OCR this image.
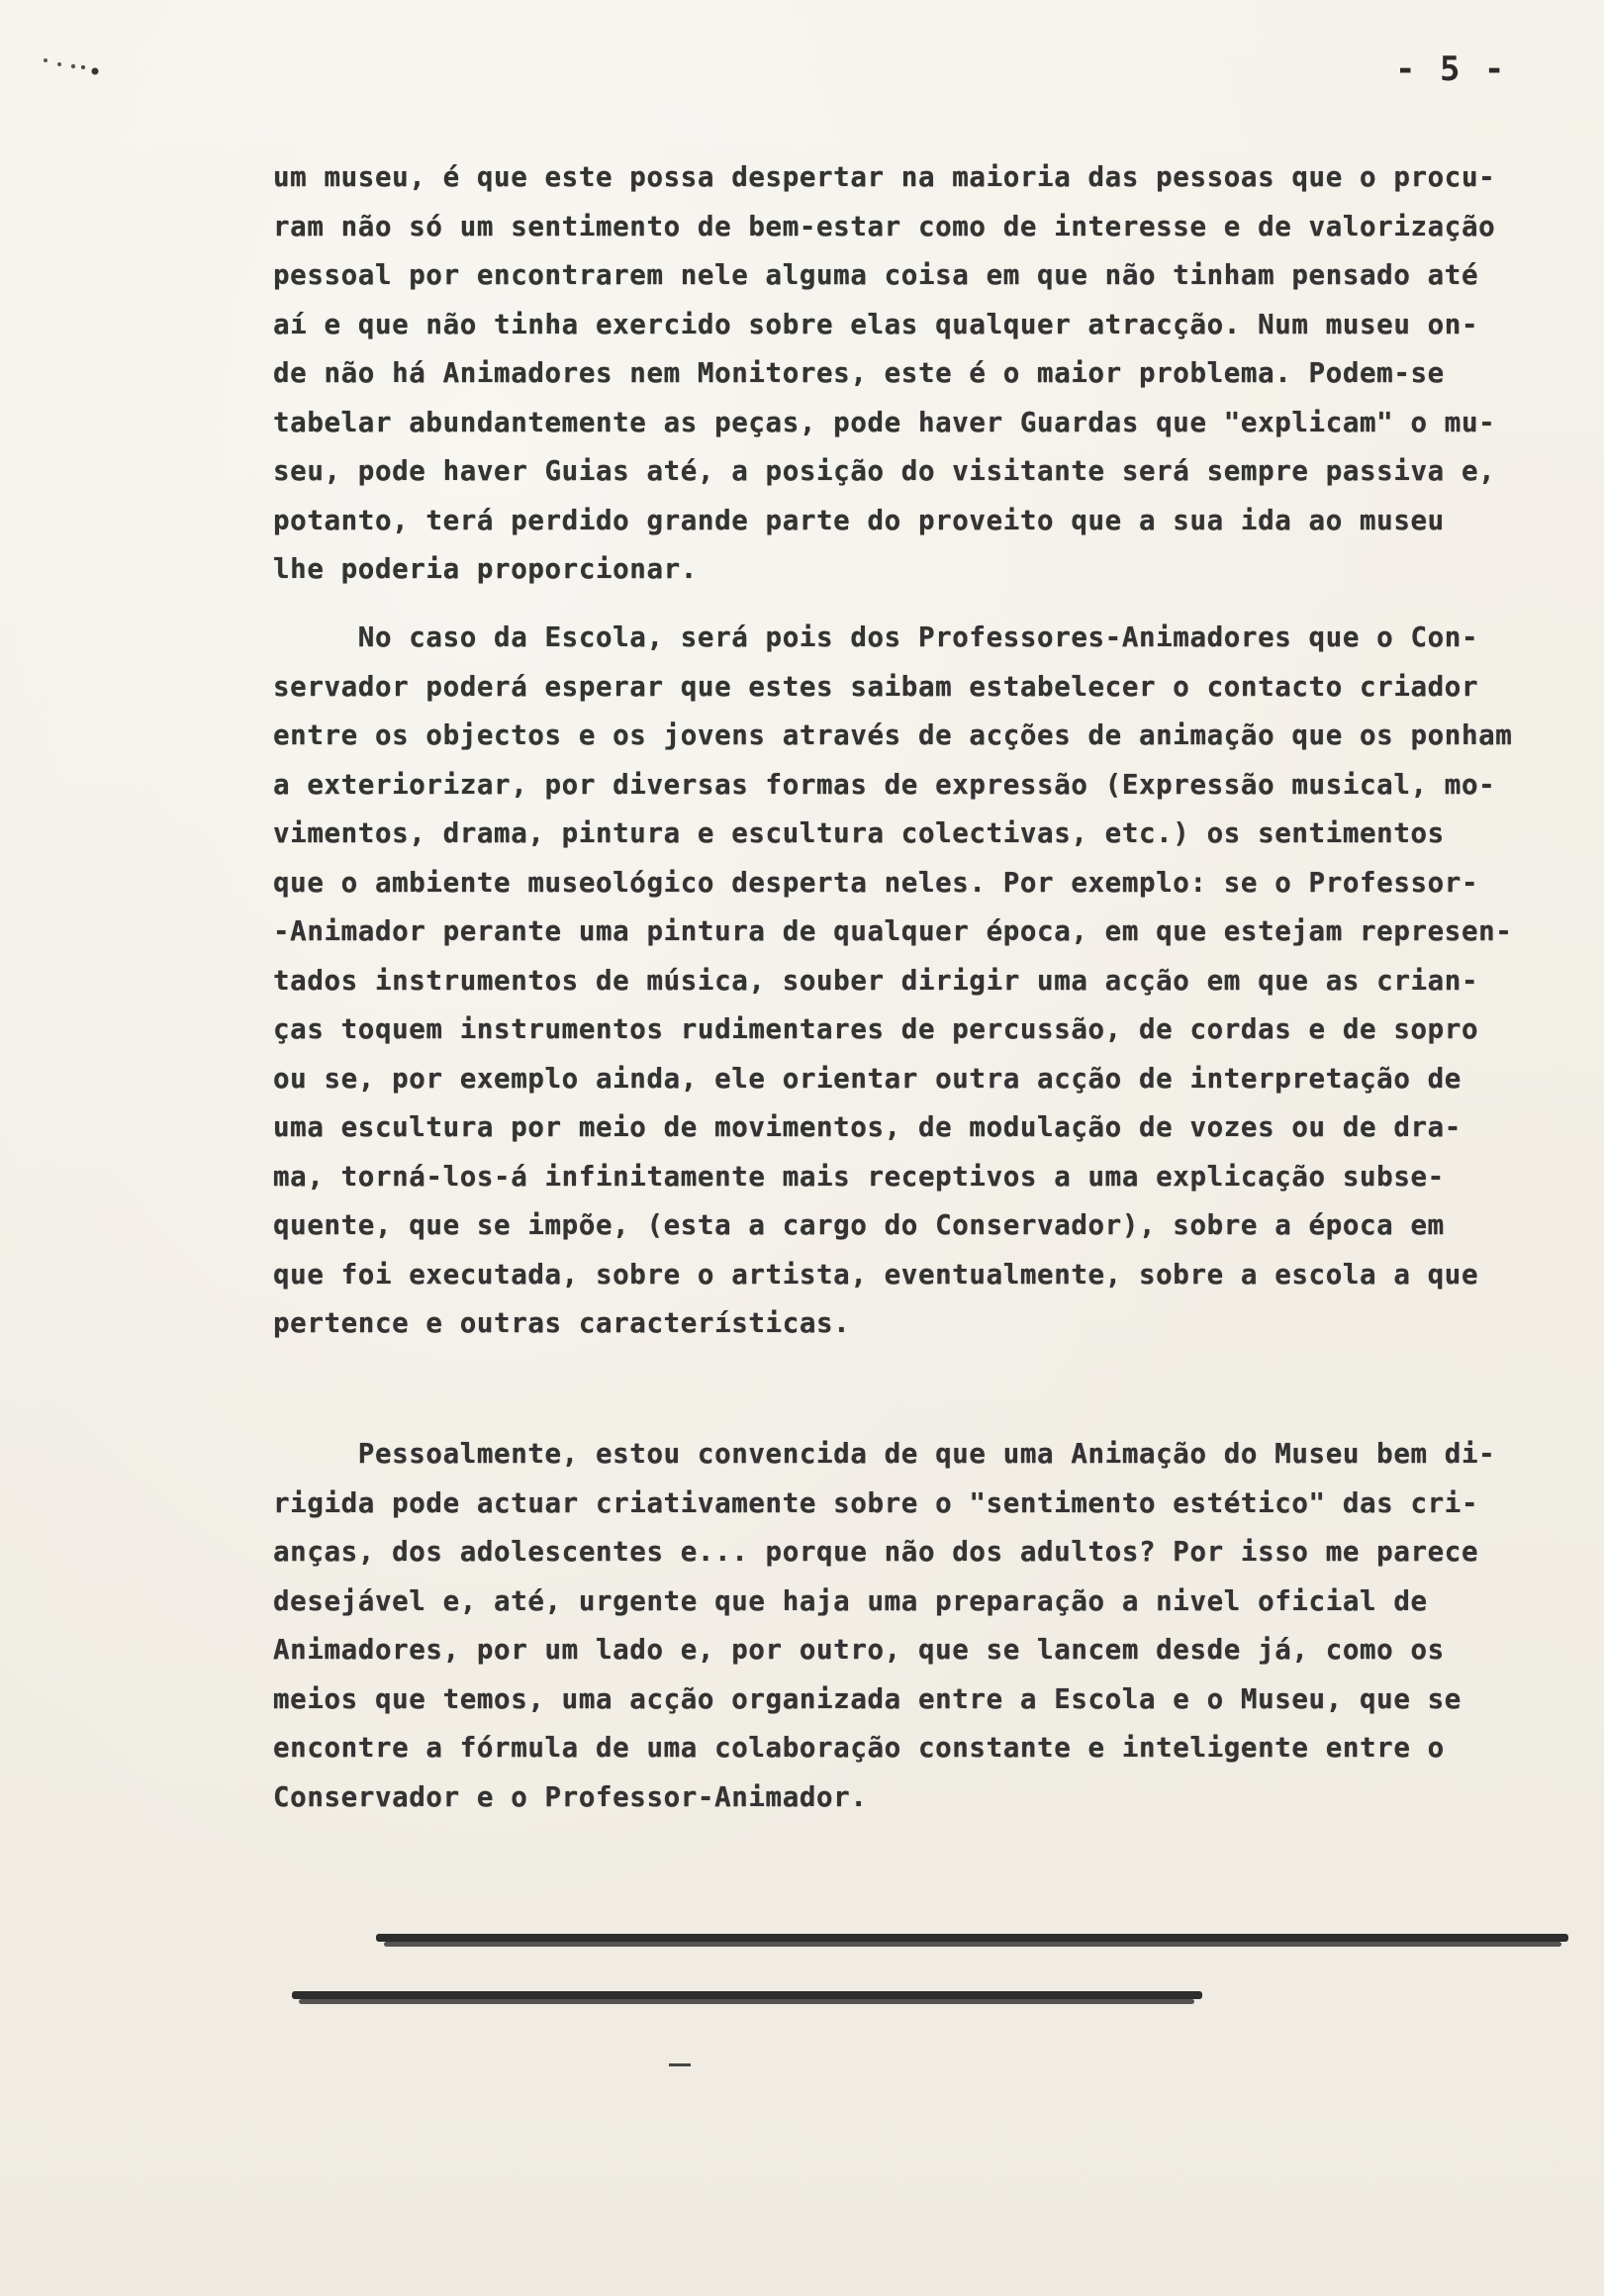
- 5 -
um museu, é que este possa despertar na maioria das pessoas que o procu-
ram não só um sentimento de bem-estar como de interesse e de valorização
pessoal por encontrarem nele alguma coisa em que não tinham pensado até
aí e que não tinha exercido sobre elas qualquer atracção. Num museu on-
de não há Animadores nem Monitores, este é o maior problema. Podem-se
tabelar abundantemente as peças, pode haver Guardas que "explicam" o mu-
seu, pode haver Guias até, a posição do visitante será sempre passiva e,
potanto, terá perdido grande parte do proveito que a sua ida ao museu
lhe poderia proporcionar.
No caso da Escola, será pois dos Professores-Animadores que o Con-
servador poderá esperar que estes saibam estabelecer o contacto criador
entre os objectos e os jovens através de acções de animação que os ponham
a exteriorizar, por diversas formas de expressão (Expressão musical, mo-
vimentos, drama, pintura e escultura colectivas, etc.) os sentimentos
que o ambiente museológico desperta neles. Por exemplo: se o Professor-
-Animador perante uma pintura de qualquer época, em que estejam represen-
tados instrumentos de música, souber dirigir uma acção em que as crian-
ças toquem instrumentos rudimentares de percussão, de cordas e de sopro
ou se, por exemplo ainda, ele orientar outra acção de interpretação de
uma escultura por meio de movimentos, de modulação de vozes ou de dra-
ma, torná-los-á infinitamente mais receptivos a uma explicação subse-
quente, que se impõe, (esta a cargo do Conservador), sobre a época em
que foi executada, sobre o artista, eventualmente, sobre a escola a que
pertence e outras características.
Pessoalmente, estou convencida de que uma Animação do Museu bem di-
rigida pode actuar criativamente sobre o "sentimento estético" das cri-
anças, dos adolescentes e... porque não dos adultos? Por isso me parece
desejável e, até, urgente que haja uma preparação a nivel oficial de
Animadores, por um lado e, por outro, que se lancem desde já, como os
meios que temos, uma acção organizada entre a Escola e o Museu, que se
encontre a fórmula de uma colaboração constante e inteligente entre o
Conservador e o Professor-Animador.
